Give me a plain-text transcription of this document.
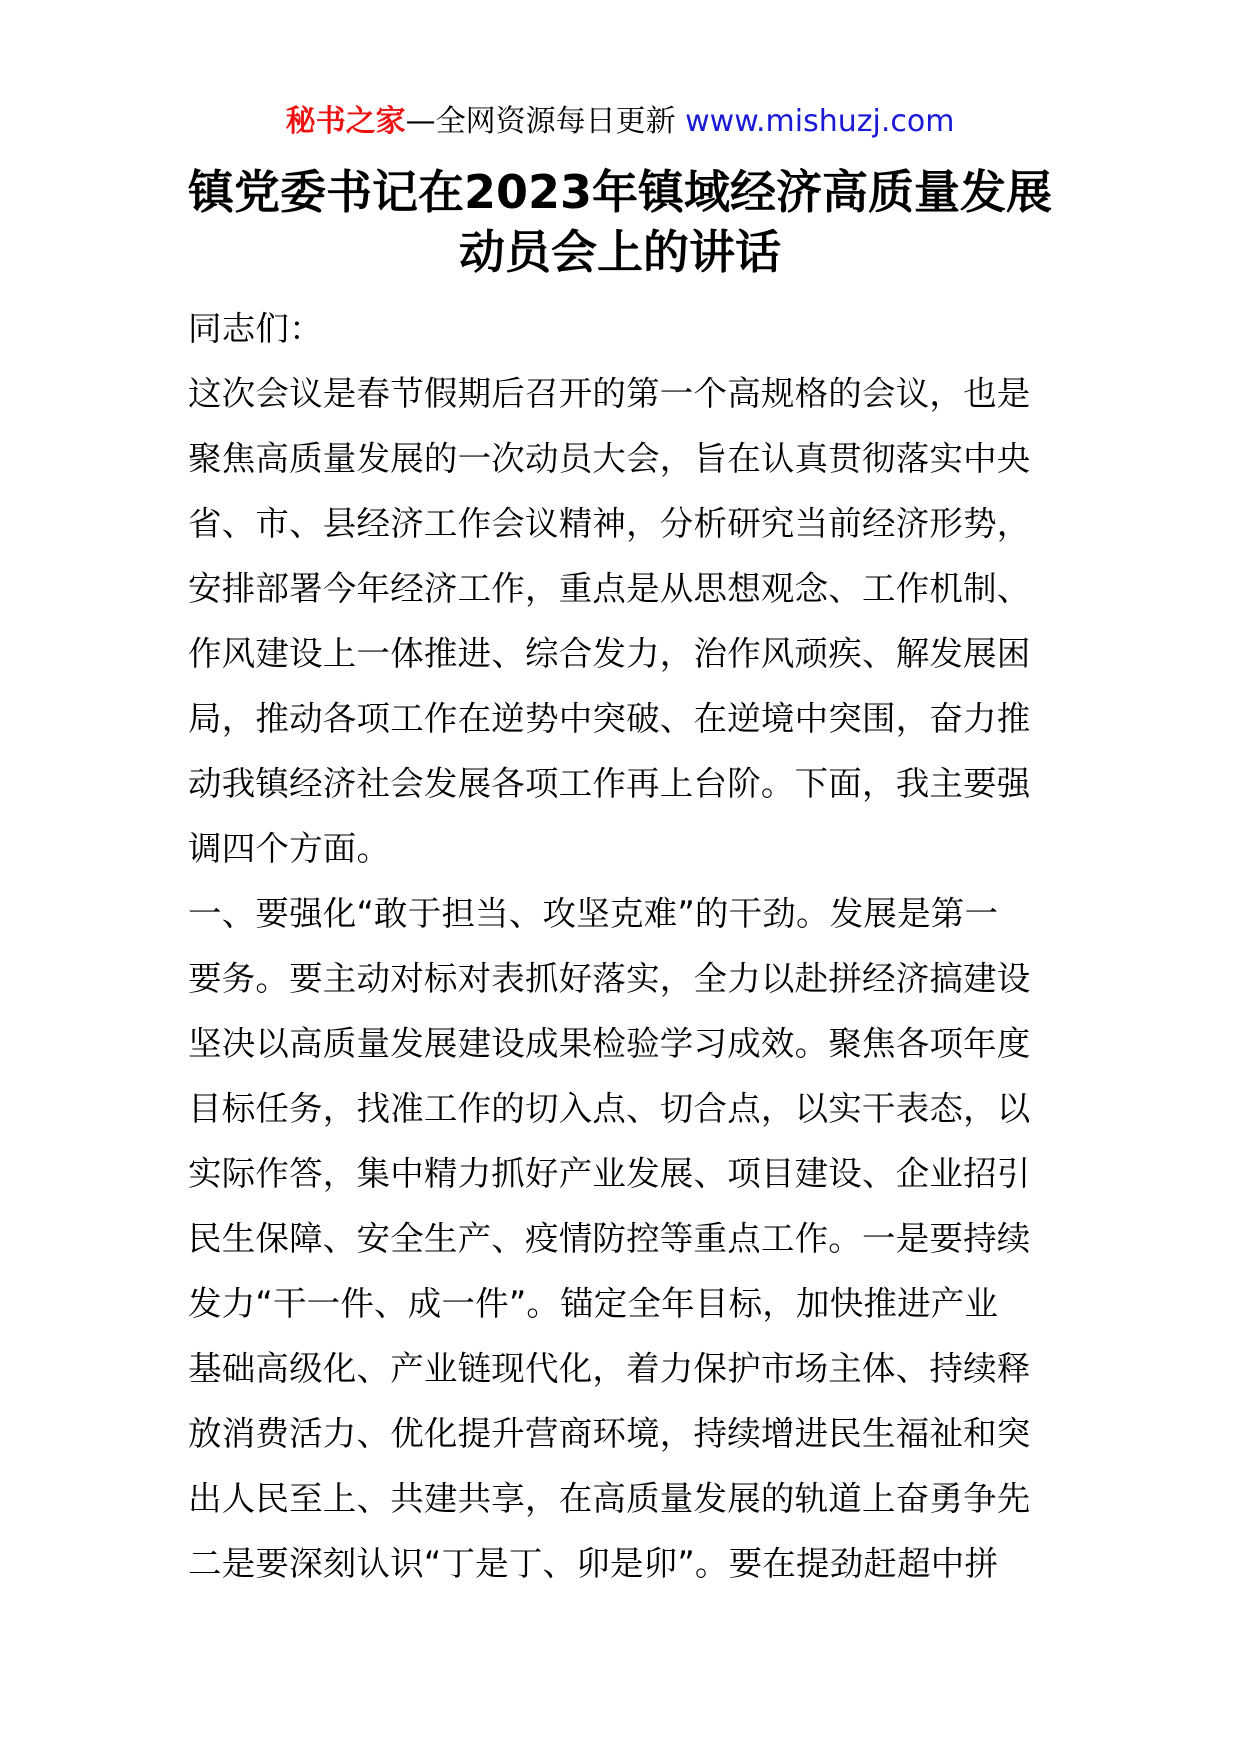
秘书之家—全网资源每日更新 www.mishuzj.com
镇党委书记在2023年镇域经济高质量发展
动员会上的讲话
同志们：
这次会议是春节假期后召开的第一个高规格的会议，也是
聚焦高质量发展的一次动员大会，旨在认真贯彻落实中央
省、市、县经济工作会议精神，分析研究当前经济形势，
安排部署今年经济工作，重点是从思想观念、工作机制、
作风建设上一体推进、综合发力，治作风顽疾、解发展困
局，推动各项工作在逆势中突破、在逆境中突围，奋力推
动我镇经济社会发展各项工作再上台阶。下面，我主要强
调四个方面。
一、要强化“敢于担当、攻坚克难”的干劲。发展是第一
要务。要主动对标对表抓好落实，全力以赴拼经济搞建设
坚决以高质量发展建设成果检验学习成效。聚焦各项年度
目标任务，找准工作的切入点、切合点，以实干表态，以
实际作答，集中精力抓好产业发展、项目建设、企业招引
民生保障、安全生产、疫情防控等重点工作。一是要持续
发力“干一件、成一件”。锚定全年目标，加快推进产业
基础高级化、产业链现代化，着力保护市场主体、持续释
放消费活力、优化提升营商环境，持续增进民生福祉和突
出人民至上、共建共享，在高质量发展的轨道上奋勇争先
二是要深刻认识“丁是丁、卯是卯”。要在提劲赶超中拼
